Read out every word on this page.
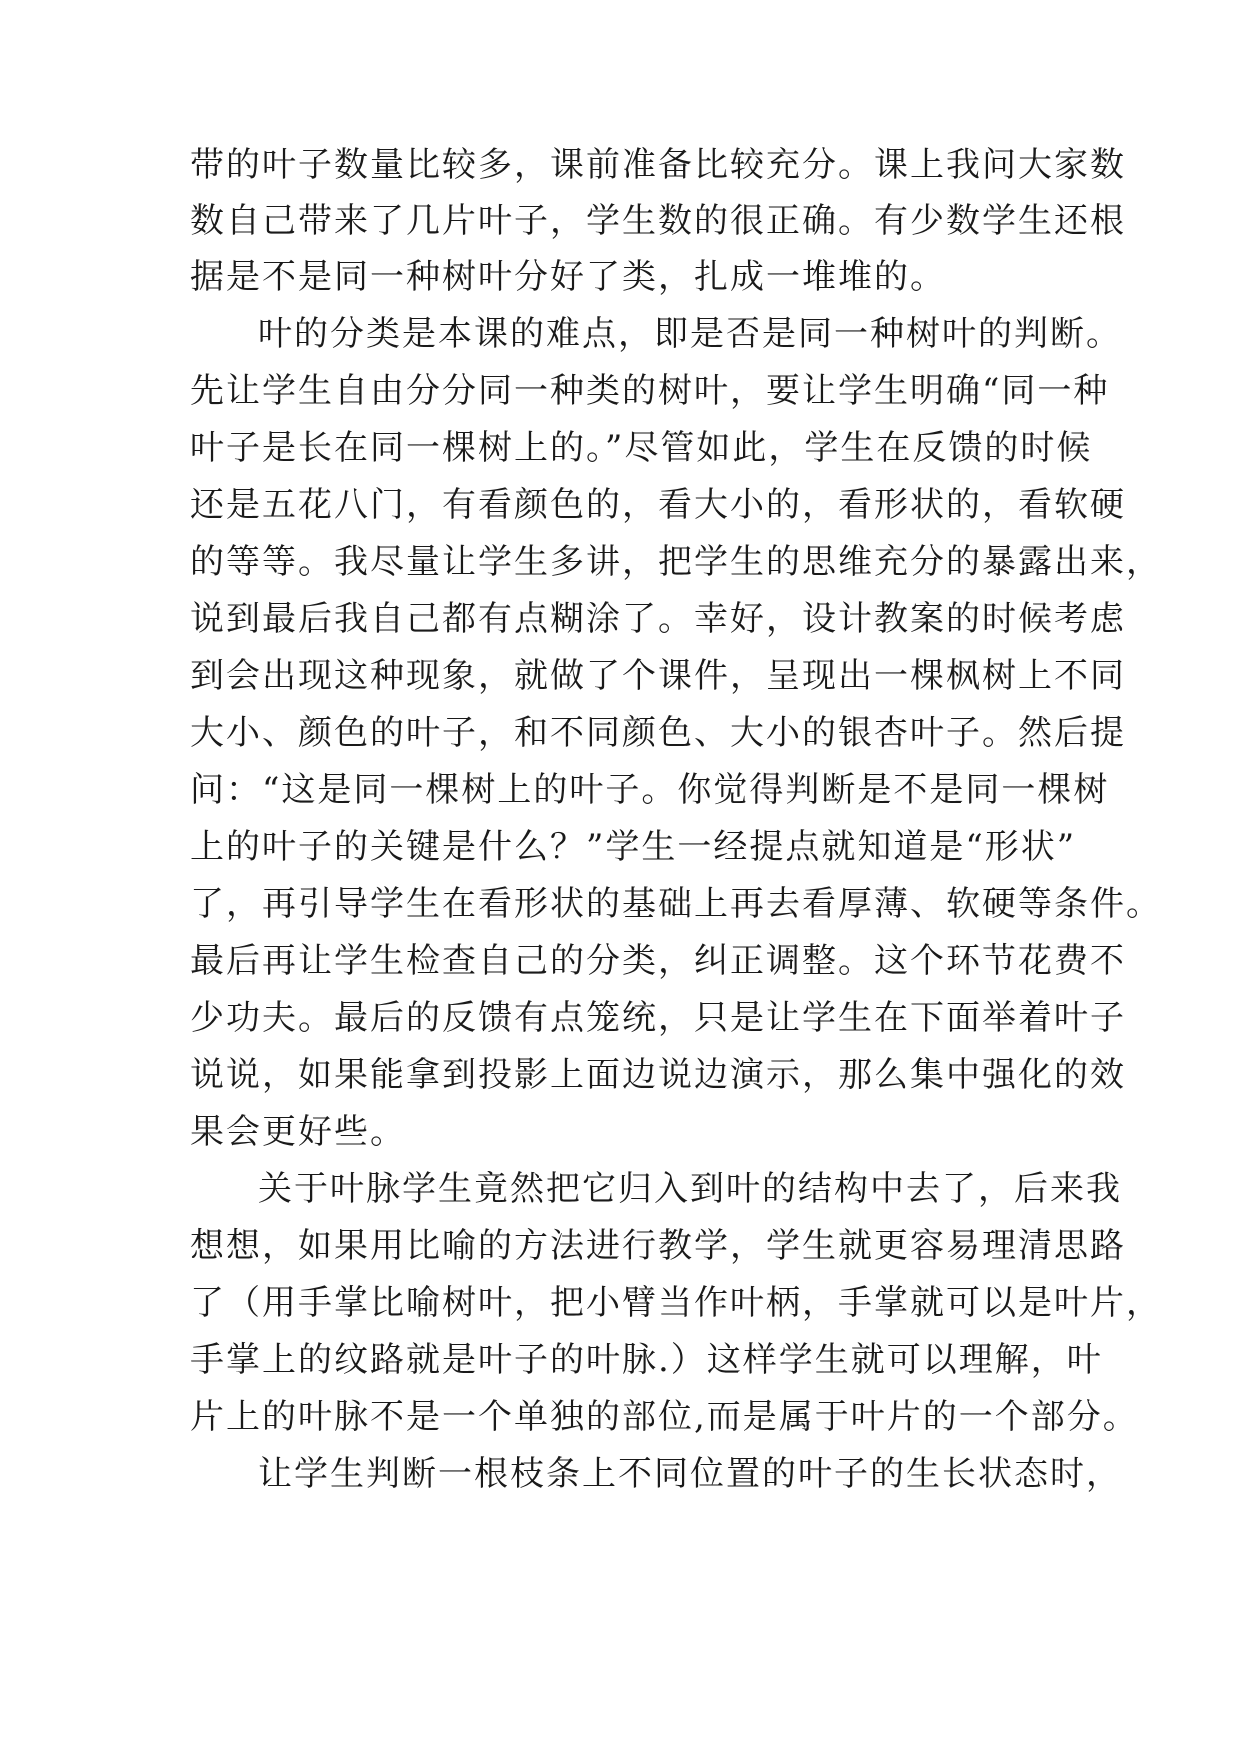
带的叶子数量比较多，课前准备比较充分。课上我问大家数
数自己带来了几片叶子，学生数的很正确。有少数学生还根
据是不是同一种树叶分好了类，扎成一堆堆的。
叶的分类是本课的难点，即是否是同一种树叶的判断。
先让学生自由分分同一种类的树叶，要让学生明确“同一种
叶子是长在同一棵树上的。”尽管如此，学生在反馈的时候
还是五花八门，有看颜色的，看大小的，看形状的，看软硬
的等等。我尽量让学生多讲，把学生的思维充分的暴露出来，
说到最后我自己都有点糊涂了。幸好，设计教案的时候考虑
到会出现这种现象，就做了个课件，呈现出一棵枫树上不同
大小、颜色的叶子，和不同颜色、大小的银杏叶子。然后提
问：“这是同一棵树上的叶子。你觉得判断是不是同一棵树
上的叶子的关键是什么？”学生一经提点就知道是“形状”
了，再引导学生在看形状的基础上再去看厚薄、软硬等条件。
最后再让学生检查自己的分类，纠正调整。这个环节花费不
少功夫。最后的反馈有点笼统，只是让学生在下面举着叶子
说说，如果能拿到投影上面边说边演示，那么集中强化的效
果会更好些。
关于叶脉学生竟然把它归入到叶的结构中去了，后来我
想想，如果用比喻的方法进行教学，学生就更容易理清思路
了（用手掌比喻树叶，把小臂当作叶柄，手掌就可以是叶片，
手掌上的纹路就是叶子的叶脉.）这样学生就可以理解，叶
片上的叶脉不是一个单独的部位,而是属于叶片的一个部分。
让学生判断一根枝条上不同位置的叶子的生长状态时，
